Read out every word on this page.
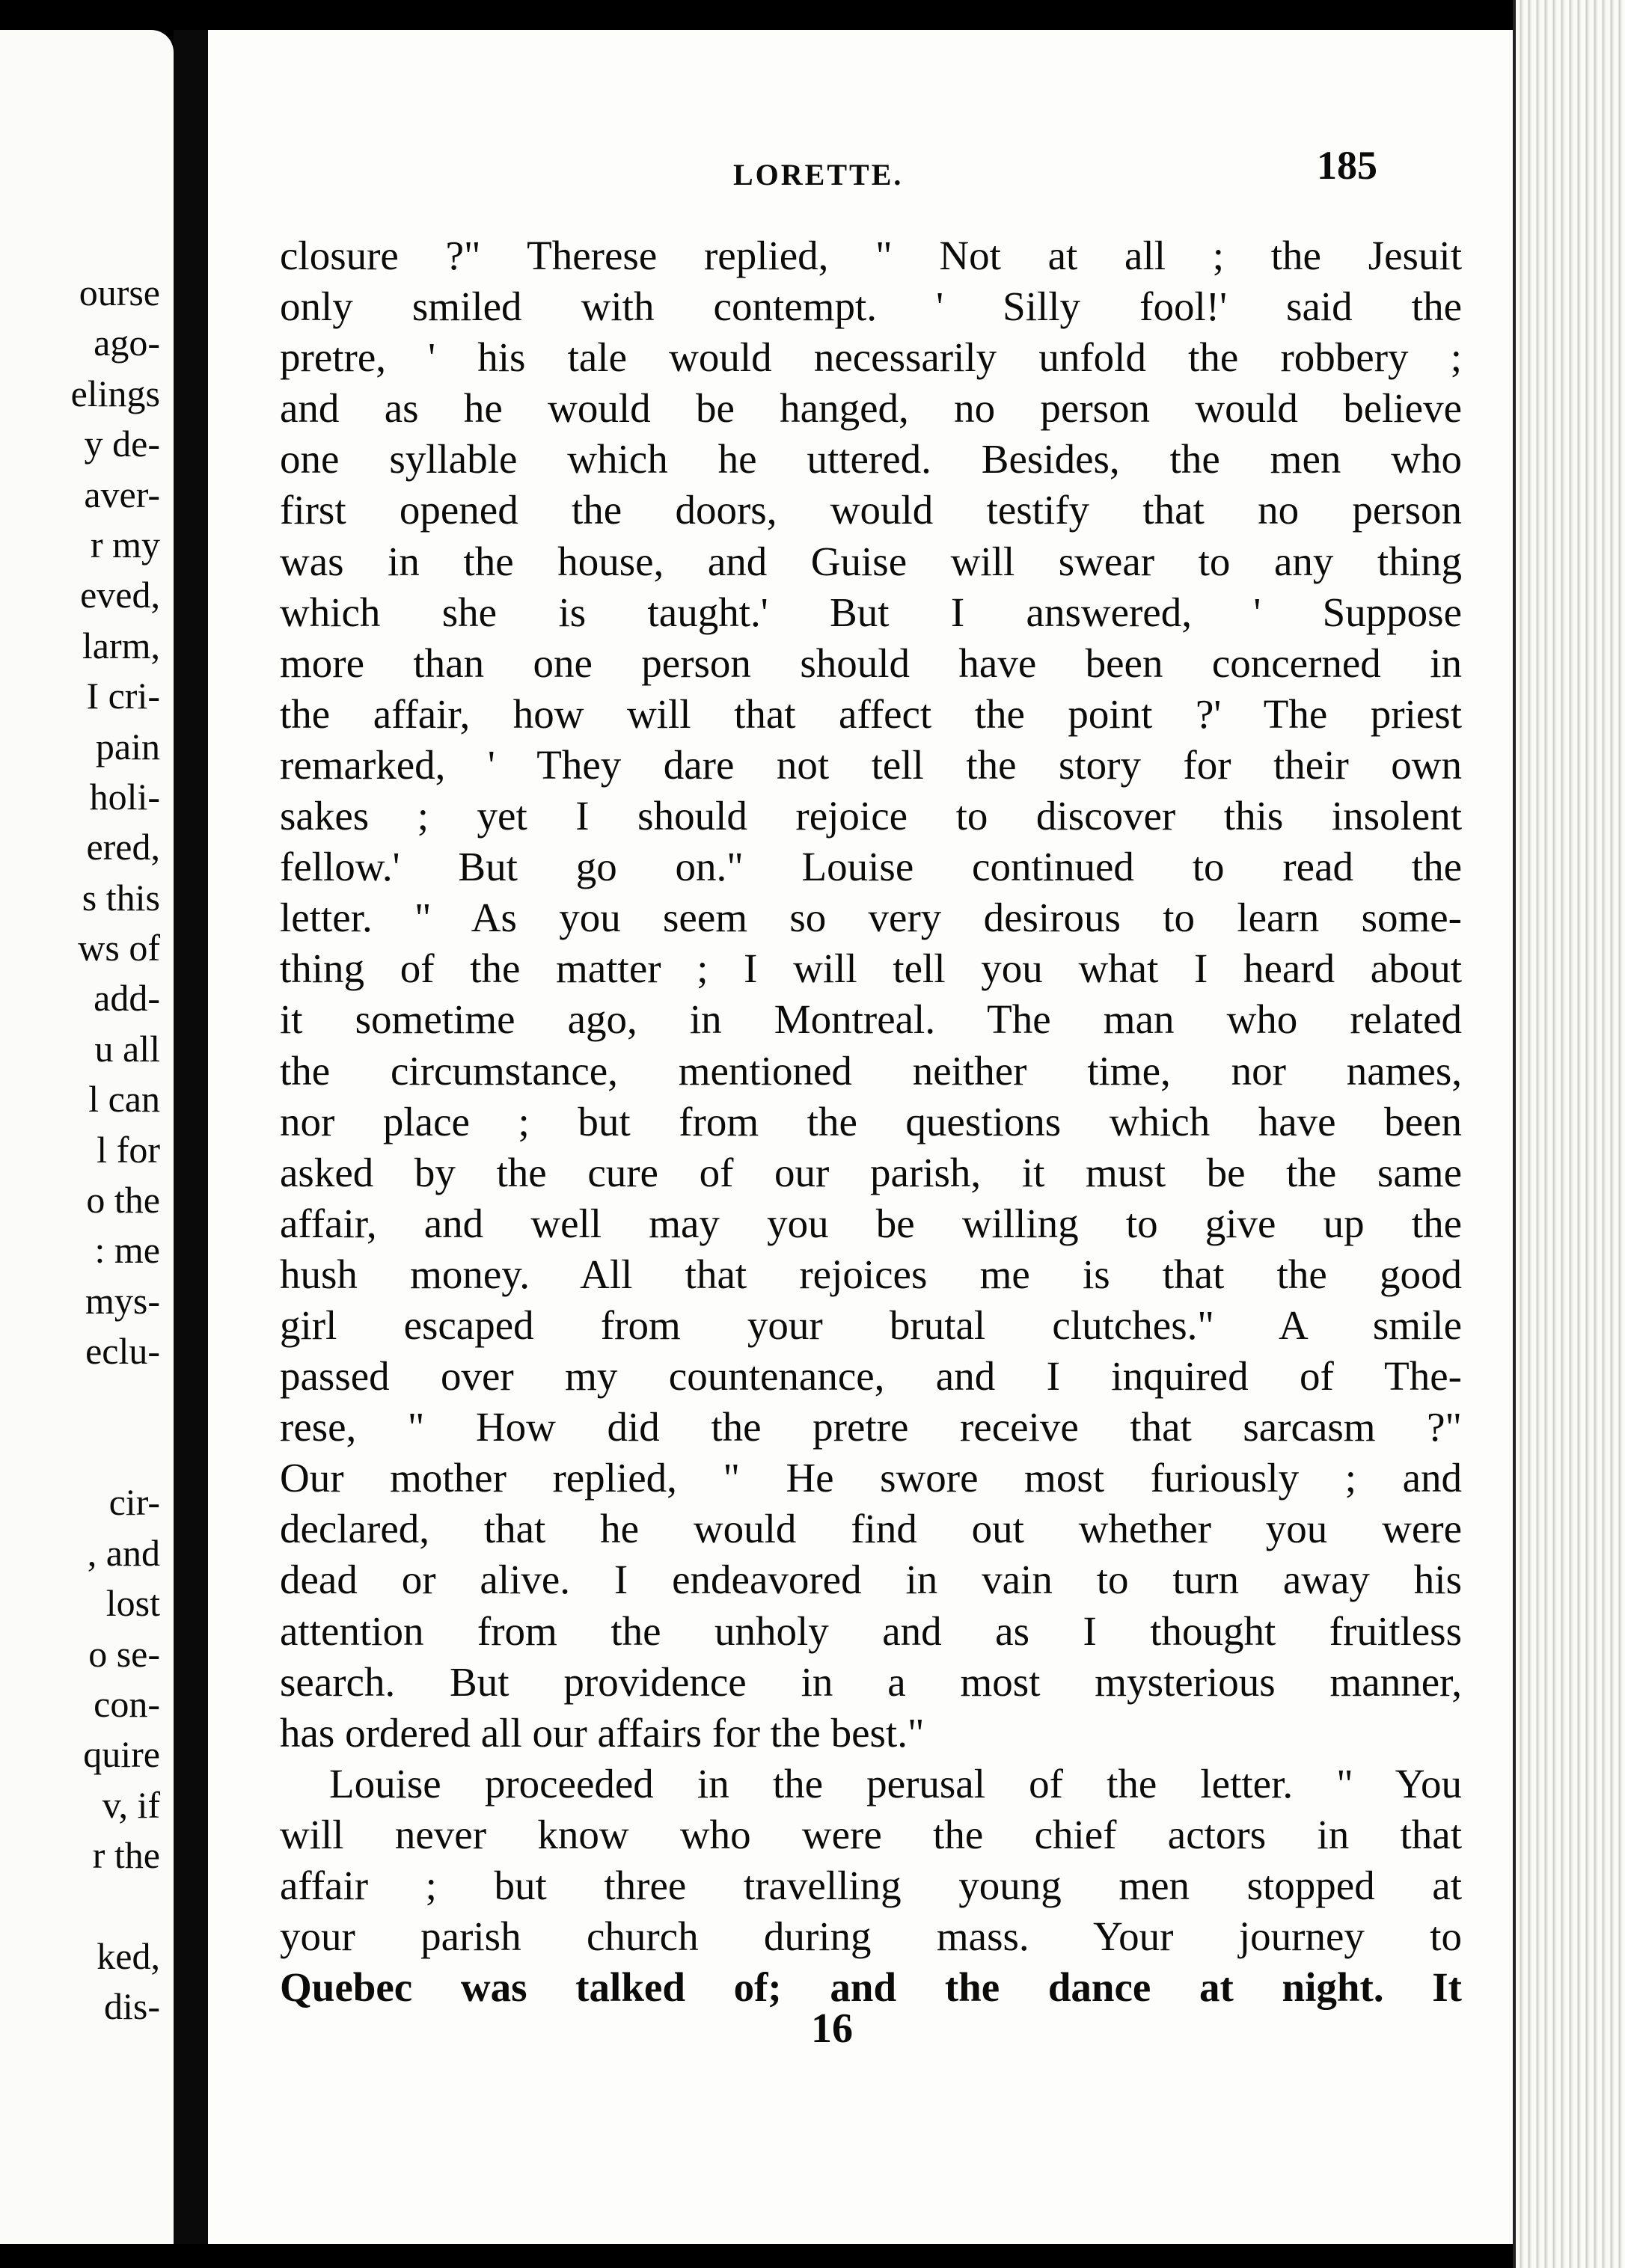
ourse
ago-
elings
y de-
aver-
r my
eved,
larm,
I cri-
pain
holi-
ered,
s this
ws of
add-
u all
l can
l for
o the
: me
mys-
eclu-
cir-
, and
lost
o se-
con-
quire
v, if
r the
ked,
dis-
LORETTE.	185
closure ?" Therese replied, " Not at all ; the Jesuit
only smiled with contempt. ' Silly fool!' said the
pretre, ' his tale would necessarily unfold the robbery ;
and as he would be hanged, no person would believe
one syllable which he uttered. Besides, the men who
first opened the doors, would testify that no person
was in the house, and Guise will swear to any thing
which she is taught.' But I answered, ' Suppose
more than one person should have been concerned in
the affair, how will that affect the point ?' The priest
remarked, ' They dare not tell the story for their own
sakes ; yet I should rejoice to discover this insolent
fellow.' But go on." Louise continued to read the
letter. " As you seem so very desirous to learn some-
thing of the matter ; I will tell you what I heard about
it sometime ago, in Montreal. The man who related
the circumstance, mentioned neither time, nor names,
nor place ; but from the questions which have been
asked by the cure of our parish, it must be the same
affair, and well may you be willing to give up the
hush money. All that rejoices me is that the good
girl escaped from your brutal clutches." A smile
passed over my countenance, and I inquired of The-
rese, " How did the pretre receive that sarcasm ?"
Our mother replied, " He swore most furiously ; and
declared, that he would find out whether you were
dead or alive. I endeavored in vain to turn away his
attention from the unholy and as I thought fruitless
search. But providence in a most mysterious manner,
has ordered all our affairs for the best."
Louise proceeded in the perusal of the letter. " You
will never know who were the chief actors in that
affair ; but three travelling young men stopped at
your parish church during mass. Your journey to
Quebec was talked of; and the dance at night. It
16
